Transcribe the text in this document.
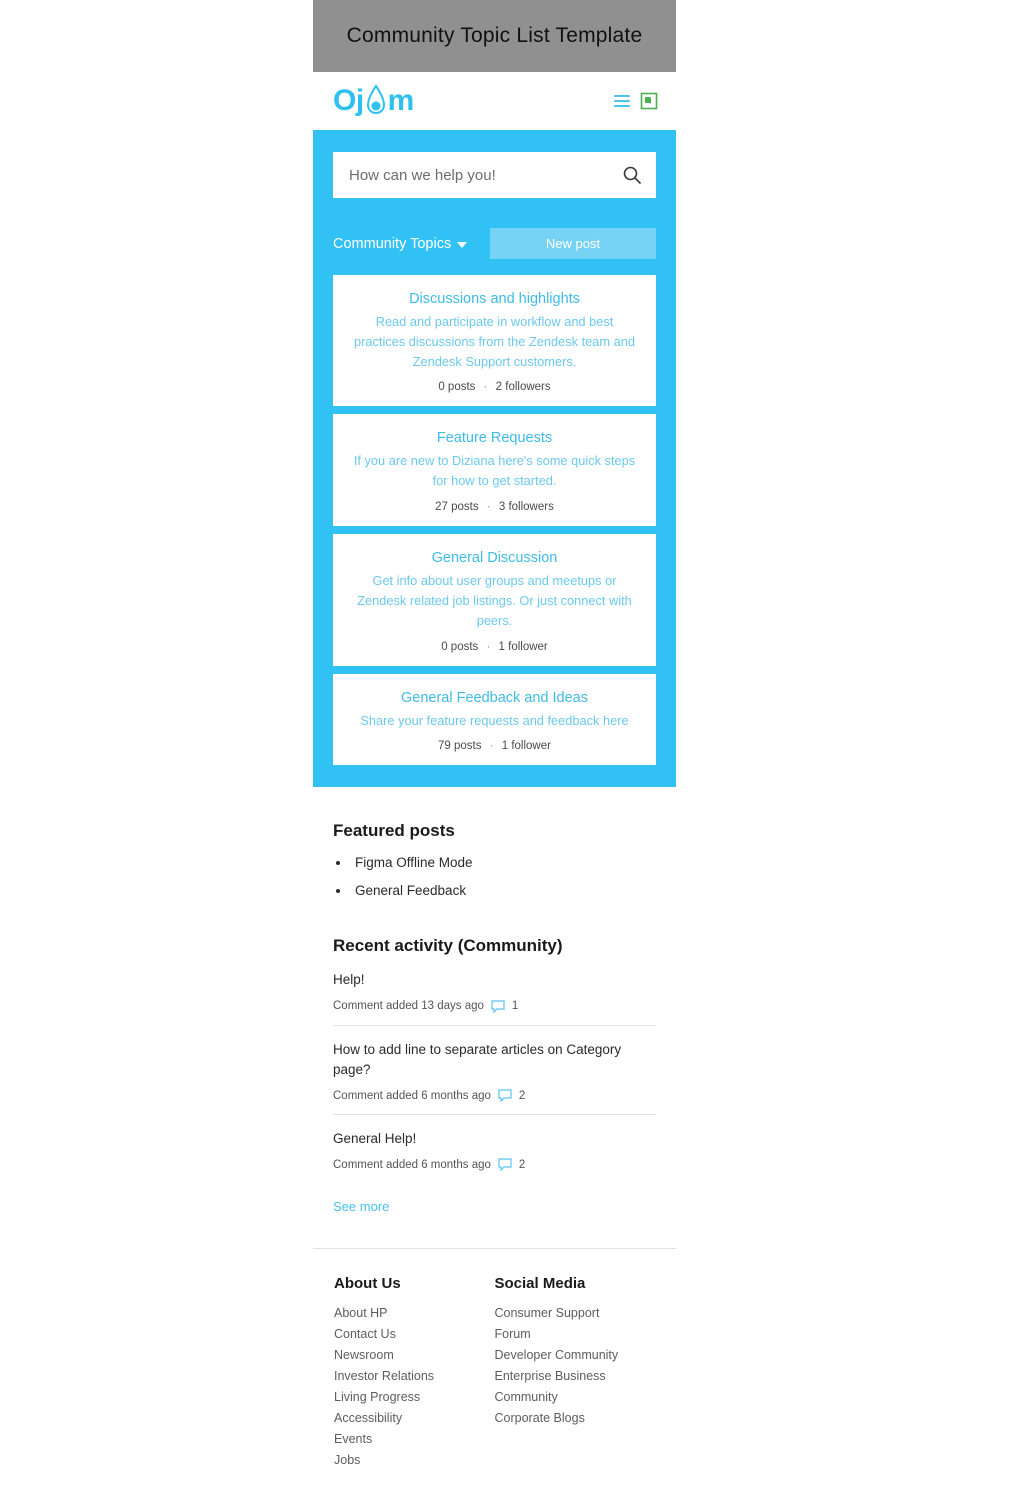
Community Topic List Template
Oj m
How can we help you!
Community Topics	New post
Discussions and highlights
Read and participate in workflow and best practices discussions from the Zendesk team and Zendesk Support customers.
0 posts · 2 followers
Feature Requests
If you are new to Diziana here's some quick steps for how to get started.
27 posts · 3 followers
General Discussion
Get info about user groups and meetups or Zendesk related job listings. Or just connect with peers.
0 posts · 1 follower
General Feedback and Ideas
Share your feature requests and feedback here
79 posts · 1 follower
Featured posts
• Figma Offline Mode
• General Feedback
Recent activity (Community)
Help!
Comment added 13 days ago 1
How to add line to separate articles on Category page?
Comment added 6 months ago 2
General Help!
Comment added 6 months ago 2
See more
About Us
About HP
Contact Us
Newsroom
Investor Relations
Living Progress
Accessibility
Events
Jobs
Social Media
Consumer Support
Forum
Developer Community
Enterprise Business
Community
Corporate Blogs
